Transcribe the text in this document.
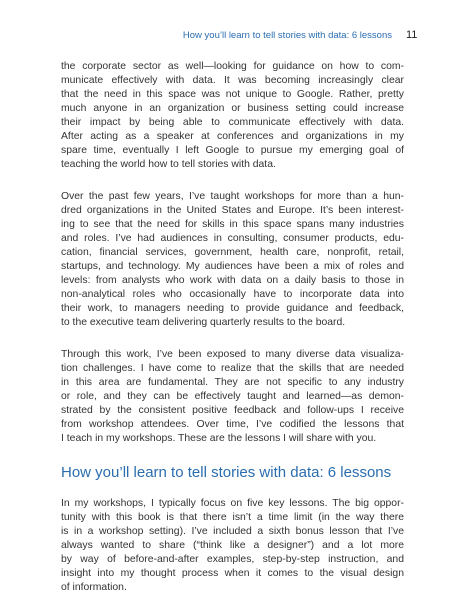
How you’ll learn to tell stories with data: 6 lessons 11
the corporate sector as well—looking for guidance on how to com-
municate effectively with data. It was becoming increasingly clear
that the need in this space was not unique to Google. Rather, pretty
much anyone in an organization or business setting could increase
their impact by being able to communicate effectively with data.
After acting as a speaker at conferences and organizations in my
spare time, eventually I left Google to pursue my emerging goal of
teaching the world how to tell stories with data.
Over the past few years, I’ve taught workshops for more than a hun-
dred organizations in the United States and Europe. It’s been interest-
ing to see that the need for skills in this space spans many industries
and roles. I’ve had audiences in consulting, consumer products, edu-
cation, financial services, government, health care, nonprofit, retail,
startups, and technology. My audiences have been a mix of roles and
levels: from analysts who work with data on a daily basis to those in
non-analytical roles who occasionally have to incorporate data into
their work, to managers needing to provide guidance and feedback,
to the executive team delivering quarterly results to the board.
Through this work, I’ve been exposed to many diverse data visualiza-
tion challenges. I have come to realize that the skills that are needed
in this area are fundamental. They are not specific to any industry
or role, and they can be effectively taught and learned—as demon-
strated by the consistent positive feedback and follow-ups I receive
from workshop attendees. Over time, I’ve codified the lessons that
I teach in my workshops. These are the lessons I will share with you.
How you’ll learn to tell stories with data: 6 lessons
In my workshops, I typically focus on five key lessons. The big oppor-
tunity with this book is that there isn’t a time limit (in the way there
is in a workshop setting). I’ve included a sixth bonus lesson that I’ve
always wanted to share (“think like a designer”) and a lot more
by way of before-and-after examples, step-by-step instruction, and
insight into my thought process when it comes to the visual design
of information.
